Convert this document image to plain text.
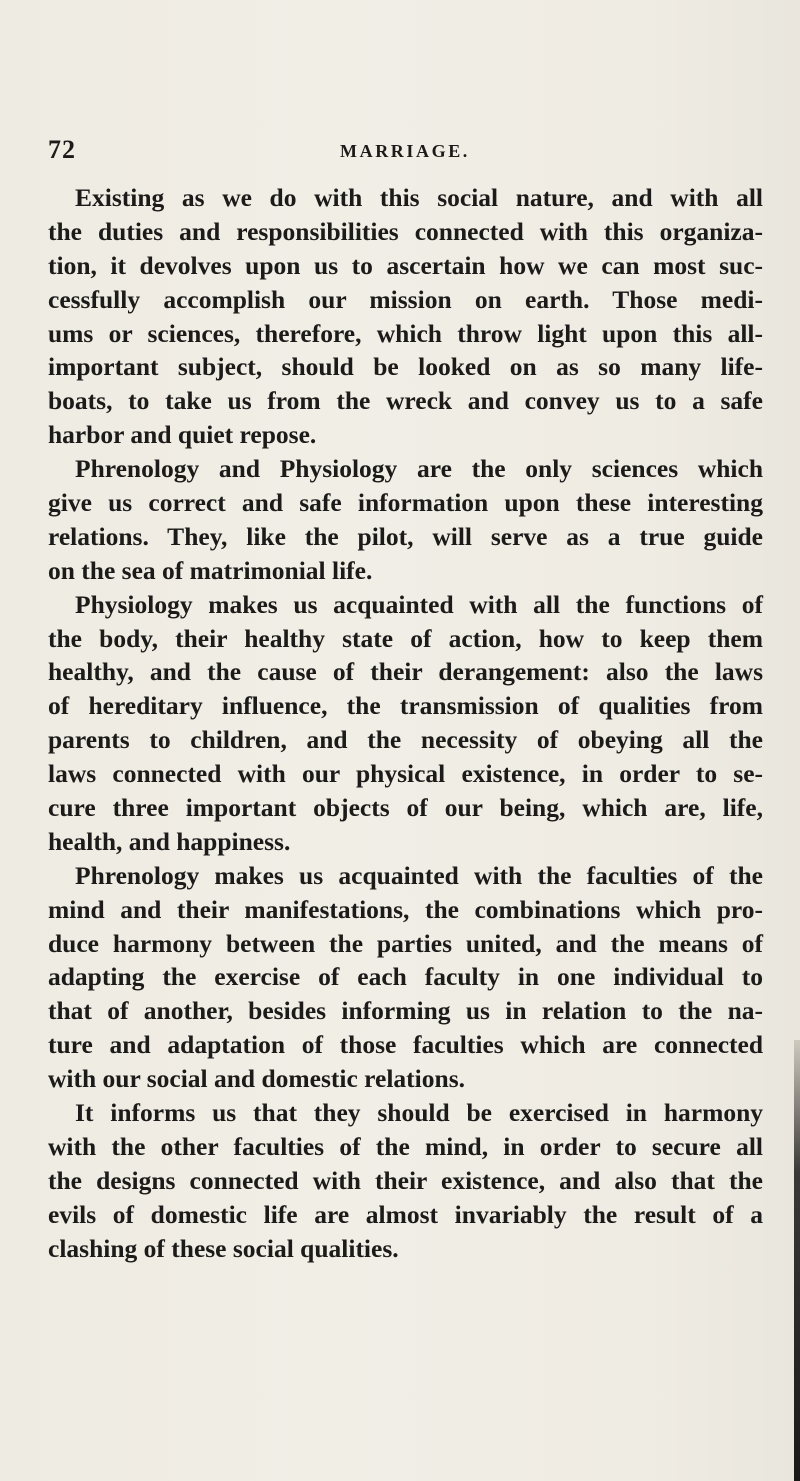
72	MARRIAGE.
Existing as we do with this social nature, and with all
the duties and responsibilities connected with this organiza-
tion, it devolves upon us to ascertain how we can most suc-
cessfully accomplish our mission on earth. Those medi-
ums or sciences, therefore, which throw light upon this all-
important subject, should be looked on as so many life-
boats, to take us from the wreck and convey us to a safe
harbor and quiet repose.
Phrenology and Physiology are the only sciences which
give us correct and safe information upon these interesting
relations. They, like the pilot, will serve as a true guide
on the sea of matrimonial life.
Physiology makes us acquainted with all the functions of
the body, their healthy state of action, how to keep them
healthy, and the cause of their derangement: also the laws
of hereditary influence, the transmission of qualities from
parents to children, and the necessity of obeying all the
laws connected with our physical existence, in order to se-
cure three important objects of our being, which are, life,
health, and happiness.
Phrenology makes us acquainted with the faculties of the
mind and their manifestations, the combinations which pro-
duce harmony between the parties united, and the means of
adapting the exercise of each faculty in one individual to
that of another, besides informing us in relation to the na-
ture and adaptation of those faculties which are connected
with our social and domestic relations.
It informs us that they should be exercised in harmony
with the other faculties of the mind, in order to secure all
the designs connected with their existence, and also that the
evils of domestic life are almost invariably the result of a
clashing of these social qualities.
